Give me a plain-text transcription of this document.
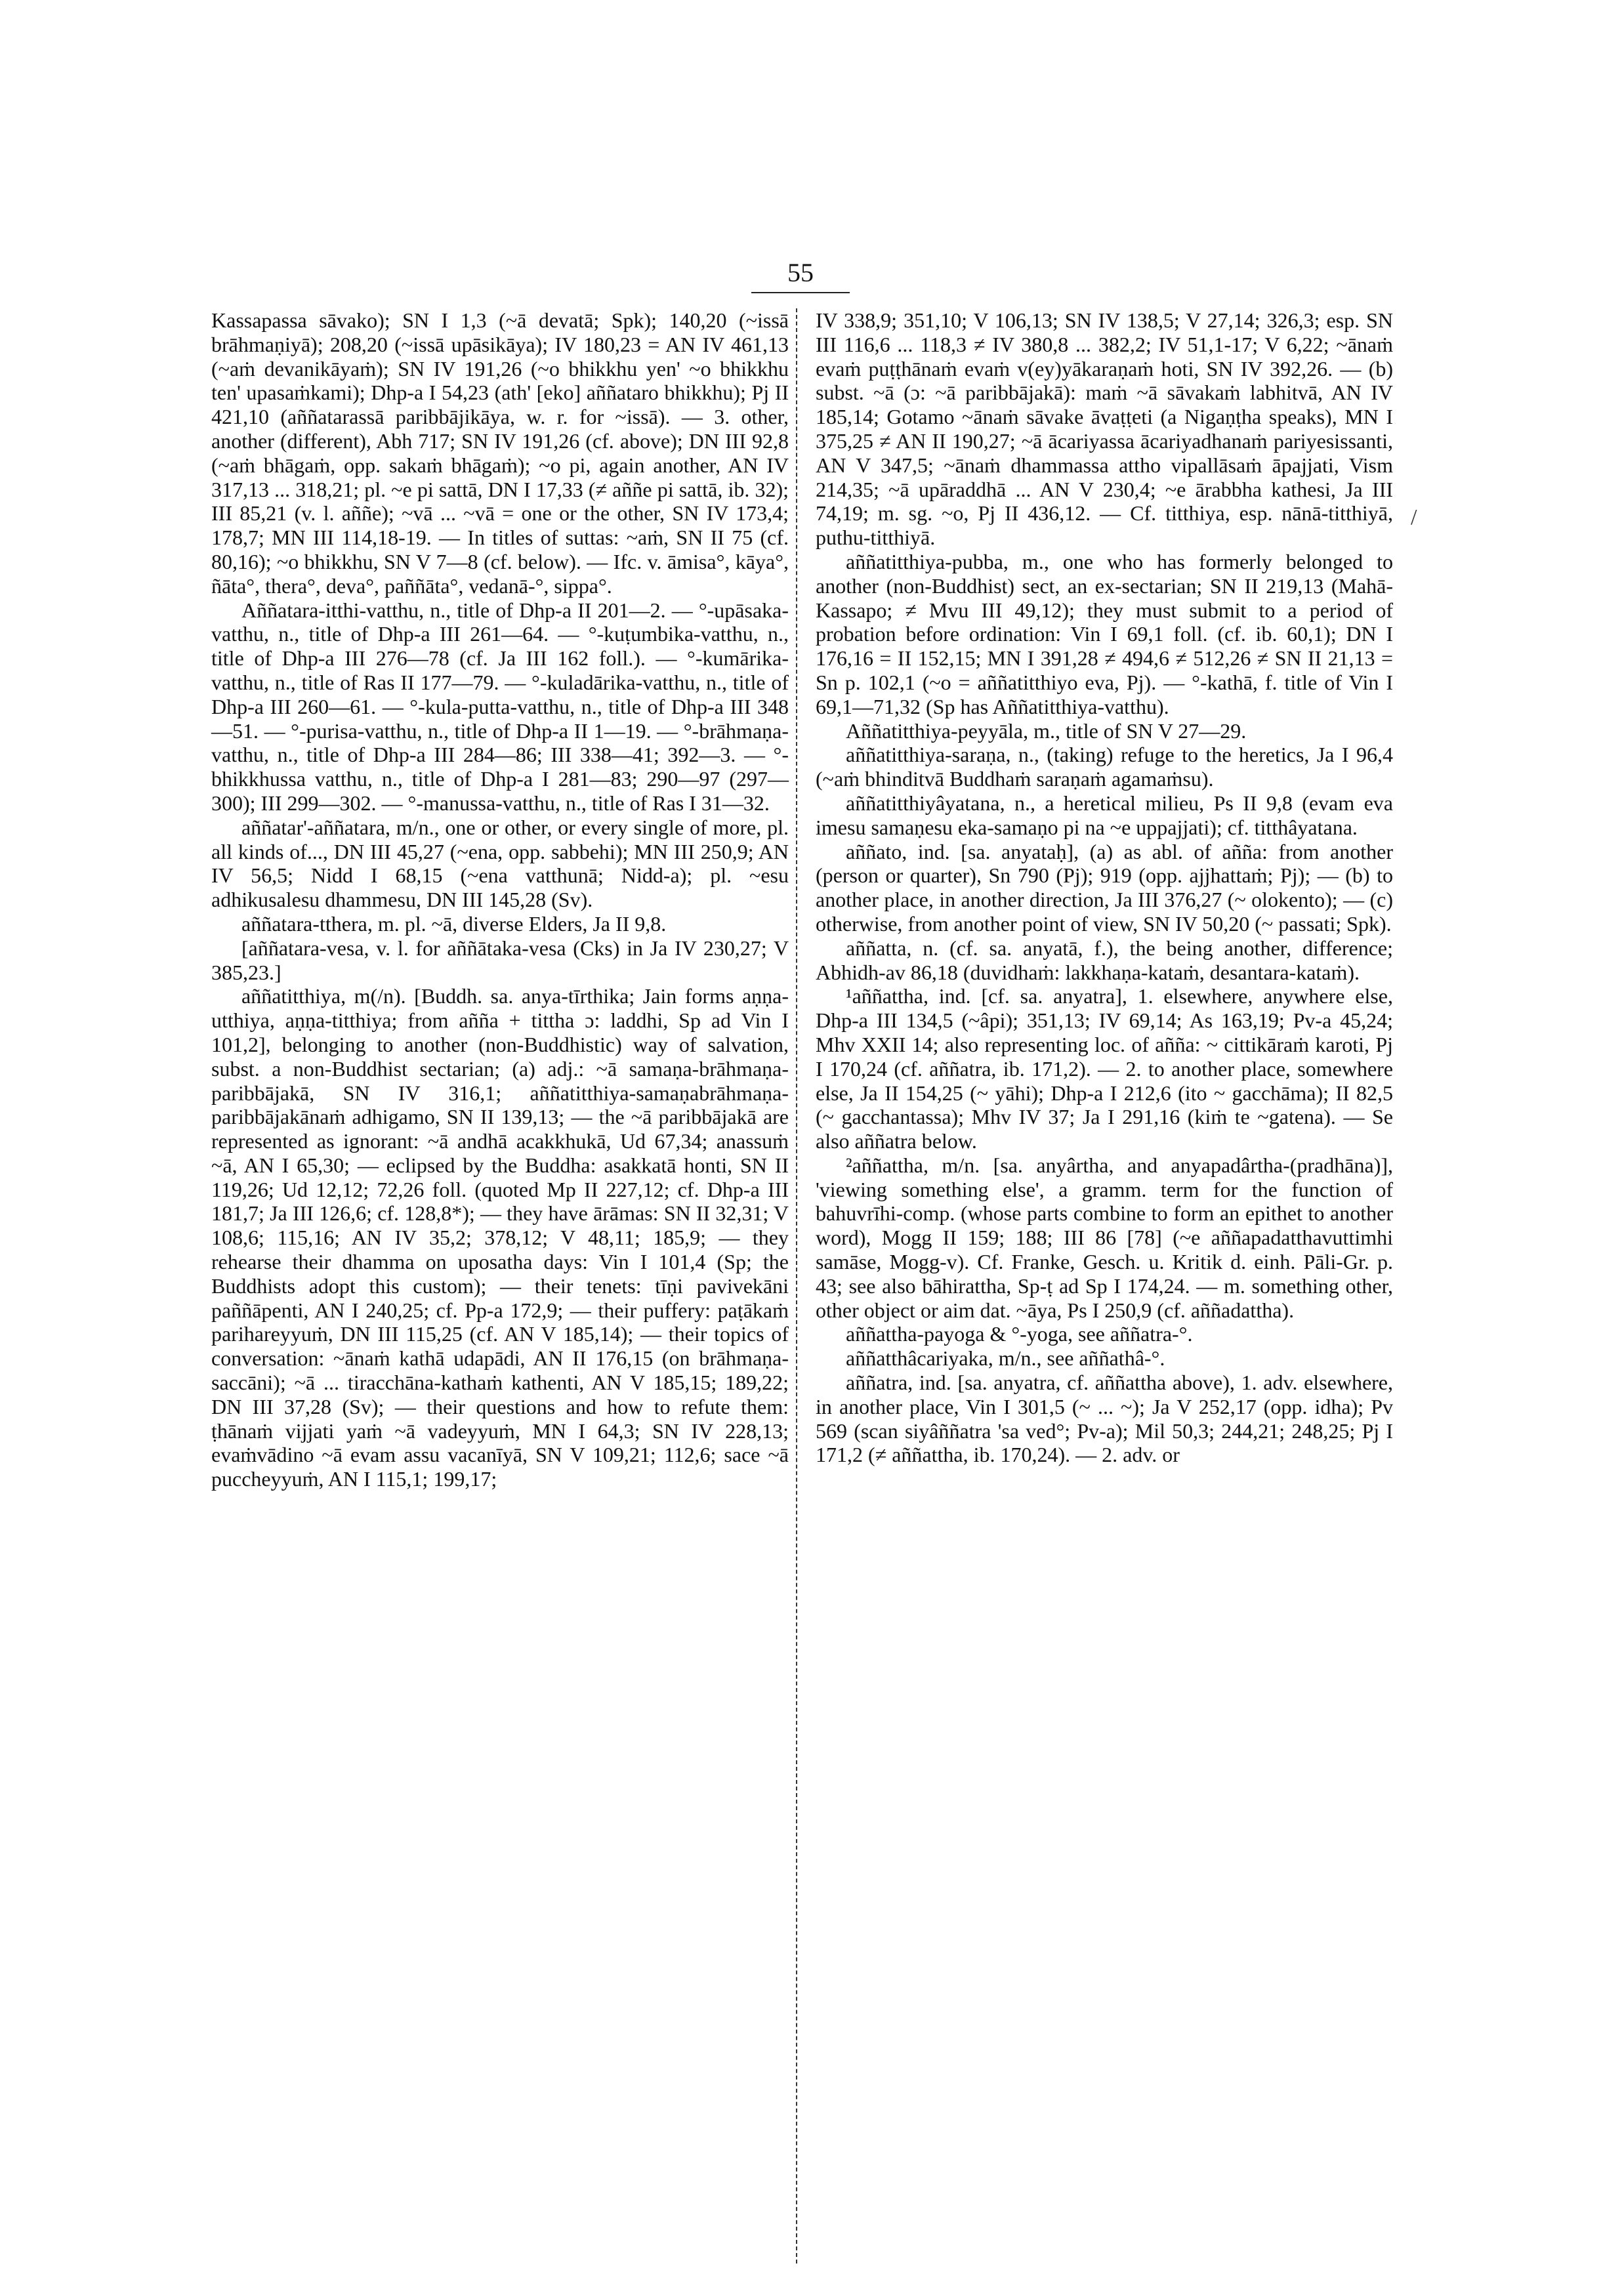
55
/

Kassapassa sāvako); SN I 1,3 (~ā devatā; Spk); 140,20 (~issā brāhmaṇiyā); 208,20 (~issā upāsikāya); IV 180,23 = AN IV 461,13 (~aṁ devanikāyaṁ); SN IV 191,26 (~o bhikkhu yen' ~o bhikkhu ten' upasaṁkami); Dhp-a I 54,23 (ath' [eko] aññataro bhikkhu); Pj II 421,10 (aññatarassā paribbājikāya, w. r. for ~issā). — 3. other, another (different), Abh 717; SN IV 191,26 (cf. above); DN III 92,8 (~aṁ bhāgaṁ, opp. sakaṁ bhāgaṁ); ~o pi, again another, AN IV 317,13 ... 318,21; pl. ~e pi sattā, DN I 17,33 (≠ aññe pi sattā, ib. 32); III 85,21 (v. l. aññe); ~vā ... ~vā = one or the other, SN IV 173,4; 178,7; MN III 114,18-19. — In titles of suttas: ~aṁ, SN II 75 (cf. 80,16); ~o bhikkhu, SN V 7—8 (cf. below). — Ifc. v. āmisa°, kāya°, ñāta°, thera°, deva°, paññāta°, vedanā-°, sippa°.

Aññatara-itthi-vatthu, n., title of Dhp-a II 201—2. — °-upāsaka-vatthu, n., title of Dhp-a III 261—64. — °-kuṭumbika-vatthu, n., title of Dhp-a III 276—78 (cf. Ja III 162 foll.). — °-kumārika-vatthu, n., title of Ras II 177—79. — °-kuladārika-vatthu, n., title of Dhp-a III 260—61. — °-kula-putta-vatthu, n., title of Dhp-a III 348—51. — °-purisa-vatthu, n., title of Dhp-a II 1—19. — °-brāhmaṇa-vatthu, n., title of Dhp-a III 284—86; III 338—41; 392—3. — °-bhikkhussa vatthu, n., title of Dhp-a I 281—83; 290—97 (297—300); III 299—302. — °-manussa-vatthu, n., title of Ras I 31—32.

aññatar'-aññatara, m/n., one or other, or every single of more, pl. all kinds of..., DN III 45,27 (~ena, opp. sabbehi); MN III 250,9; AN IV 56,5; Nidd I 68,15 (~ena vatthunā; Nidd-a); pl. ~esu adhikusalesu dhammesu, DN III 145,28 (Sv).

aññatara-tthera, m. pl. ~ā, diverse Elders, Ja II 9,8.

[aññatara-vesa, v. l. for aññātaka-vesa (Cks) in Ja IV 230,27; V 385,23.]

aññatitthiya, m(/n). [Buddh. sa. anya-tīrthika; Jain forms aṇṇa-utthiya, aṇṇa-titthiya; from añña + tittha ɔ: laddhi, Sp ad Vin I 101,2], belonging to another (non-Buddhistic) way of salvation, subst. a non-Buddhist sectarian; (a) adj.: ~ā samaṇa-brāhmaṇa-paribbājakā, SN IV 316,1; aññatitthiya-samaṇabrāhmaṇa-paribbājakānaṁ adhigamo, SN II 139,13; — the ~ā paribbājakā are represented as ignorant: ~ā andhā acakkhukā, Ud 67,34; anassuṁ ~ā, AN I 65,30; — eclipsed by the Buddha: asakkatā honti, SN II 119,26; Ud 12,12; 72,26 foll. (quoted Mp II 227,12; cf. Dhp-a III 181,7; Ja III 126,6; cf. 128,8*); — they have ārāmas: SN II 32,31; V 108,6; 115,16; AN IV 35,2; 378,12; V 48,11; 185,9; — they rehearse their dhamma on uposatha days: Vin I 101,4 (Sp; the Buddhists adopt this custom); — their tenets: tīṇi pavivekāni paññāpenti, AN I 240,25; cf. Pp-a 172,9; — their puffery: paṭākaṁ parihareyyuṁ, DN III 115,25 (cf. AN V 185,14); — their topics of conversation: ~ānaṁ kathā udapādi, AN II 176,15 (on brāhmaṇa-saccāni); ~ā ... tiracchāna-kathaṁ kathenti, AN V 185,15; 189,22; DN III 37,28 (Sv); — their questions and how to refute them: ṭhānaṁ vijjati yaṁ ~ā vadeyyuṁ, MN I 64,3; SN IV 228,13; evaṁvādino ~ā evam assu vacanīyā, SN V 109,21; 112,6; sace ~ā puccheyyuṁ, AN I 115,1; 199,17;

IV 338,9; 351,10; V 106,13; SN IV 138,5; V 27,14; 326,3; esp. SN III 116,6 ... 118,3 ≠ IV 380,8 ... 382,2; IV 51,1-17; V 6,22; ~ānaṁ evaṁ puṭṭhānaṁ evaṁ v(ey)yākaraṇaṁ hoti, SN IV 392,26. — (b) subst. ~ā (ɔ: ~ā paribbājakā): maṁ ~ā sāvakaṁ labhitvā, AN IV 185,14; Gotamo ~ānaṁ sāvake āvaṭṭeti (a Nigaṇṭha speaks), MN I 375,25 ≠ AN II 190,27; ~ā ācariyassa ācariyadhanaṁ pariyesissanti, AN V 347,5; ~ānaṁ dhammassa attho vipallāsaṁ āpajjati, Vism 214,35; ~ā upāraddhā ... AN V 230,4; ~e ārabbha kathesi, Ja III 74,19; m. sg. ~o, Pj II 436,12. — Cf. titthiya, esp. nānā-titthiyā, puthu-titthiyā.

aññatitthiya-pubba, m., one who has formerly belonged to another (non-Buddhist) sect, an ex-sectarian; SN II 219,13 (Mahā-Kassapo; ≠ Mvu III 49,12); they must submit to a period of probation before ordination: Vin I 69,1 foll. (cf. ib. 60,1); DN I 176,16 = II 152,15; MN I 391,28 ≠ 494,6 ≠ 512,26 ≠ SN II 21,13 = Sn p. 102,1 (~o = aññatitthiyo eva, Pj). — °-kathā, f. title of Vin I 69,1—71,32 (Sp has Aññatitthiya-vatthu).

Aññatitthiya-peyyāla, m., title of SN V 27—29.

aññatitthiya-saraṇa, n., (taking) refuge to the heretics, Ja I 96,4 (~aṁ bhinditvā Buddhaṁ saraṇaṁ agamaṁsu).

aññatitthiyâyatana, n., a heretical milieu, Ps II 9,8 (evam eva imesu samaṇesu eka-samaṇo pi na ~e uppajjati); cf. titthâyatana.

aññato, ind. [sa. anyataḥ], (a) as abl. of añña: from another (person or quarter), Sn 790 (Pj); 919 (opp. ajjhattaṁ; Pj); — (b) to another place, in another direction, Ja III 376,27 (~ olokento); — (c) otherwise, from another point of view, SN IV 50,20 (~ passati; Spk).

aññatta, n. (cf. sa. anyatā, f.), the being another, difference; Abhidh-av 86,18 (duvidhaṁ: lakkhaṇa-kataṁ, desantara-kataṁ).

¹aññattha, ind. [cf. sa. anyatra], 1. elsewhere, anywhere else, Dhp-a III 134,5 (~âpi); 351,13; IV 69,14; As 163,19; Pv-a 45,24; Mhv XXII 14; also representing loc. of añña: ~ cittikāraṁ karoti, Pj I 170,24 (cf. aññatra, ib. 171,2). — 2. to another place, somewhere else, Ja II 154,25 (~ yāhi); Dhp-a I 212,6 (ito ~ gacchāma); II 82,5 (~ gacchantassa); Mhv IV 37; Ja I 291,16 (kiṁ te ~gatena). — Se also aññatra below.

²aññattha, m/n. [sa. anyârtha, and anyapadârtha-(pradhāna)], 'viewing something else', a gramm. term for the function of bahuvrīhi-comp. (whose parts combine to form an epithet to another word), Mogg II 159; 188; III 86 [78] (~e aññapadatthavuttimhi samāse, Mogg-v). Cf. Franke, Gesch. u. Kritik d. einh. Pāli-Gr. p. 43; see also bāhirattha, Sp-ṭ ad Sp I 174,24. — m. something other, other object or aim dat. ~āya, Ps I 250,9 (cf. aññadattha).

aññattha-payoga & °-yoga, see aññatra-°.

aññatthâcariyaka, m/n., see aññathâ-°.

aññatra, ind. [sa. anyatra, cf. aññattha above), 1. adv. elsewhere, in another place, Vin I 301,5 (~ ... ~); Ja V 252,17 (opp. idha); Pv 569 (scan siyâññatra 'sa ved°; Pv-a); Mil 50,3; 244,21; 248,25; Pj I 171,2 (≠ aññattha, ib. 170,24). — 2. adv. or
